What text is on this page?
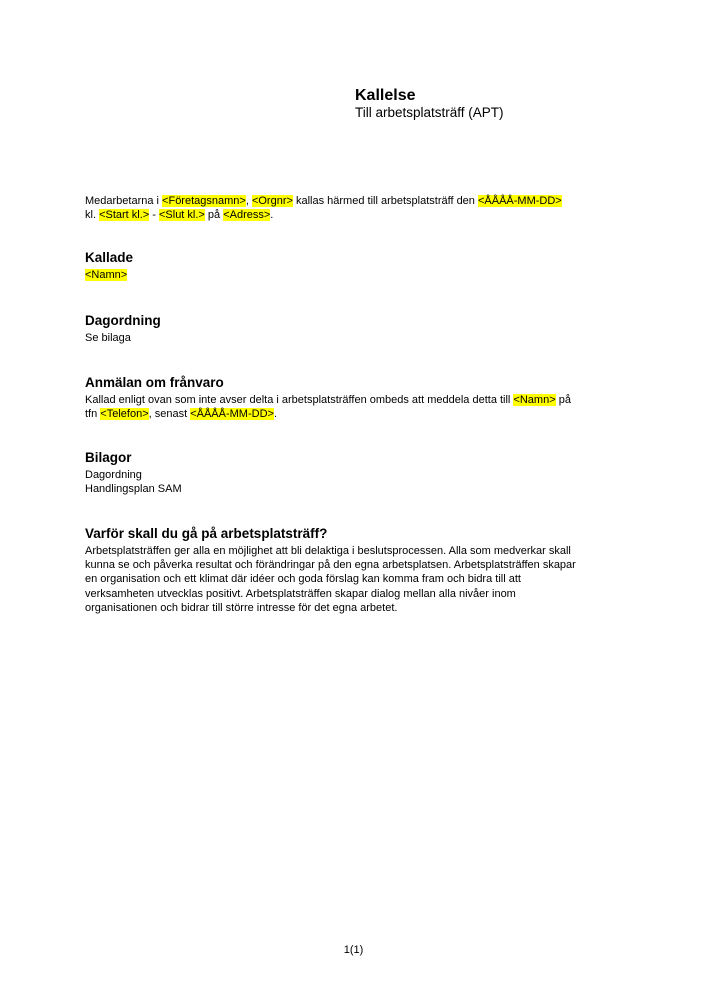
Kallelse
Till arbetsplatsträff (APT)

Medarbetarna i <Företagsnamn>, <Orgnr> kallas härmed till arbetsplatsträff den <ÅÅÅÅ-MM-DD>

kl. <Start kl.> - <Slut kl.> på <Adress>.

Kallade

<Namn>

Dagordning

Se bilaga

Anmälan om frånvaro

Kallad enligt ovan som inte avser delta i arbetsplatsträffen ombeds att meddela detta till <Namn> på

tfn <Telefon>, senast <ÅÅÅÅ-MM-DD>.

Bilagor

Dagordning

Handlingsplan SAM

Varför skall du gå på arbetsplatsträff?

Arbetsplatsträffen ger alla en möjlighet att bli delaktiga i beslutsprocessen. Alla som medverkar skall

kunna se och påverka resultat och förändringar på den egna arbetsplatsen. Arbetsplatsträffen skapar

en organisation och ett klimat där idéer och goda förslag kan komma fram och bidra till att

verksamheten utvecklas positivt. Arbetsplatsträffen skapar dialog mellan alla nivåer inom

organisationen och bidrar till större intresse för det egna arbetet.

1(1)
